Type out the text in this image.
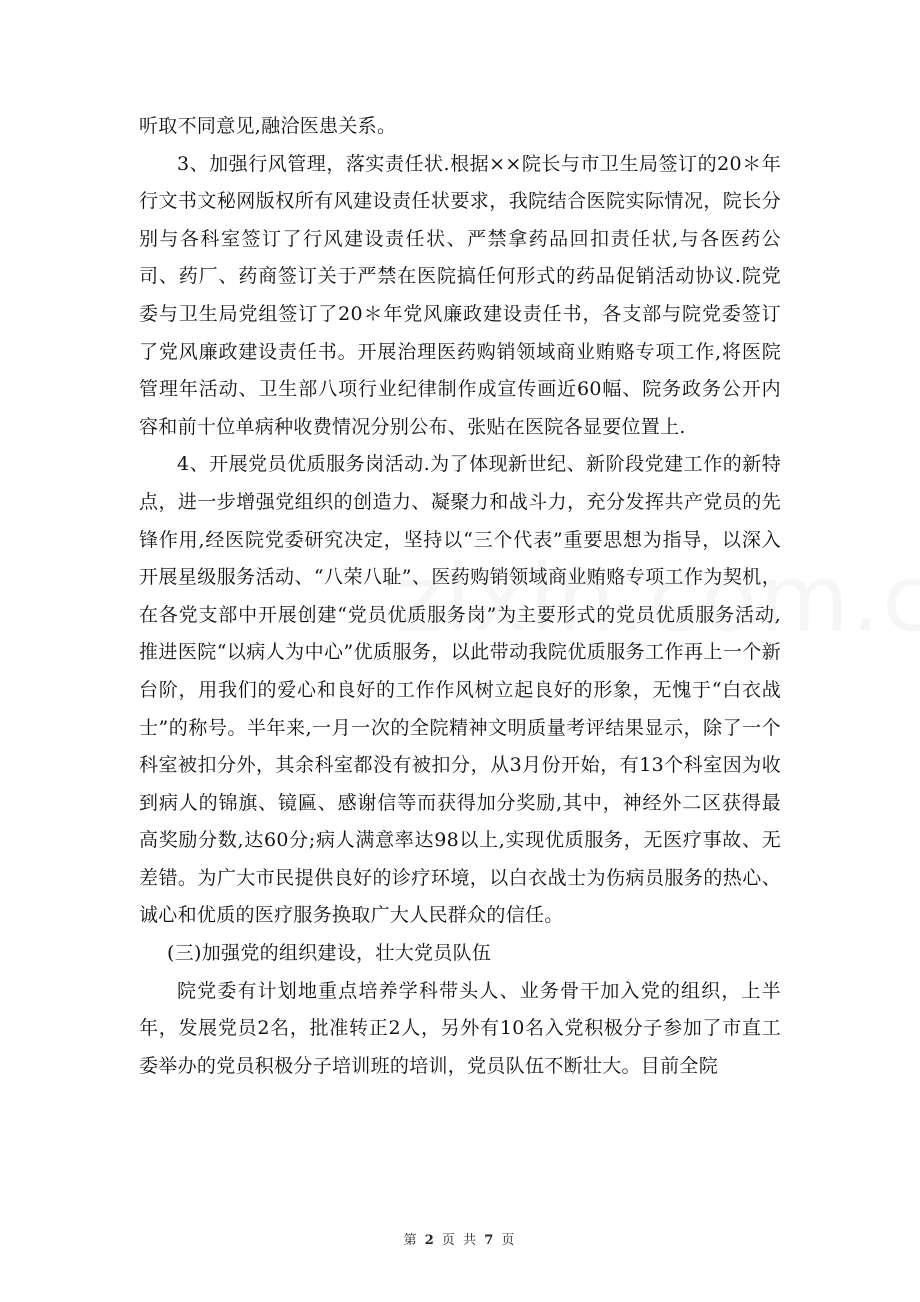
听取不同意见,融洽医患关系。

3、加强行风管理，落实责任状.根据××院长与市卫生局签订的20＊年行文书文秘网版权所有风建设责任状要求，我院结合医院实际情况，院长分别与各科室签订了行风建设责任状、严禁拿药品回扣责任状,与各医药公司、药厂、药商签订关于严禁在医院搞任何形式的药品促销活动协议.院党委与卫生局党组签订了20＊年党风廉政建设责任书，各支部与院党委签订了党风廉政建设责任书。开展治理医药购销领域商业贿赂专项工作,将医院管理年活动、卫生部八项行业纪律制作成宣传画近60幅、院务政务公开内容和前十位单病种收费情况分别公布、张贴在医院各显要位置上.

4、开展党员优质服务岗活动.为了体现新世纪、新阶段党建工作的新特点，进一步增强党组织的创造力、凝聚力和战斗力，充分发挥共产党员的先锋作用,经医院党委研究决定，坚持以“三个代表”重要思想为指导，以深入开展星级服务活动、“八荣八耻”、医药购销领域商业贿赂专项工作为契机，在各党支部中开展创建“党员优质服务岗”为主要形式的党员优质服务活动,推进医院“以病人为中心”优质服务，以此带动我院优质服务工作再上一个新台阶，用我们的爱心和良好的工作作风树立起良好的形象，无愧于“白衣战士”的称号。半年来,一月一次的全院精神文明质量考评结果显示，除了一个科室被扣分外，其余科室都没有被扣分，从3月份开始，有13个科室因为收到病人的锦旗、镜匾、感谢信等而获得加分奖励,其中，神经外二区获得最高奖励分数,达60分;病人满意率达98以上,实现优质服务，无医疗事故、无差错。为广大市民提供良好的诊疗环境，以白衣战士为伤病员服务的热心、诚心和优质的医疗服务换取广大人民群众的信任。

(三)加强党的组织建设，壮大党员队伍

院党委有计划地重点培养学科带头人、业务骨干加入党的组织，上半年，发展党员2名，批准转正2人，另外有10名入党积极分子参加了市直工委举办的党员积极分子培训班的培训，党员队伍不断壮大。目前全院

第 2 页 共 7 页
